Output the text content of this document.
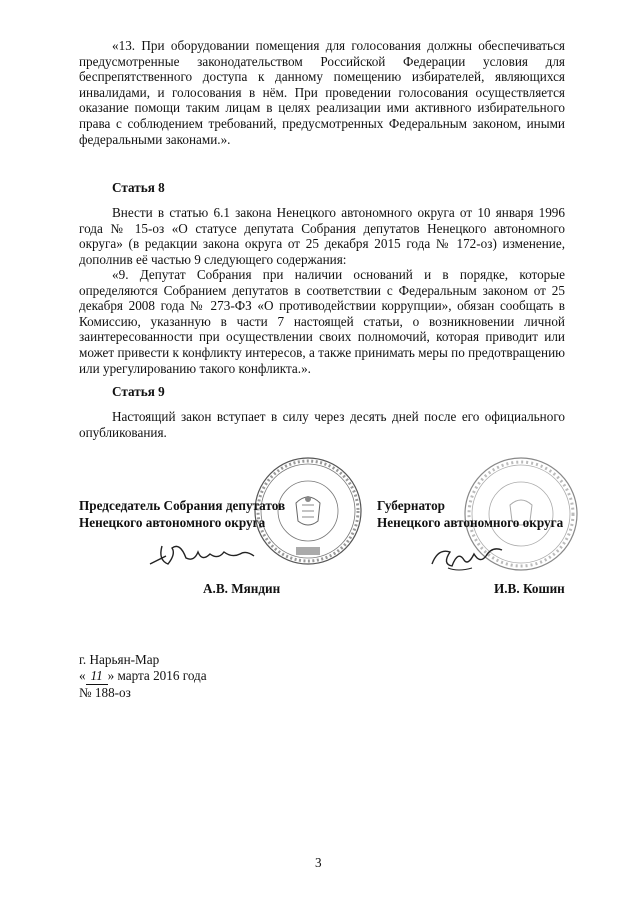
«13. При оборудовании помещения для голосования должны обеспечиваться предусмотренные законодательством Российской Федерации условия для беспрепятственного доступа к данному помещению избирателей, являющихся инвалидами, и голосования в нём. При проведении голосования осуществляется оказание помощи таким лицам в целях реализации ими активного избирательного права с соблюдением требований, предусмотренных Федеральным законом, иными федеральными законами.».

Статья 8

Внести в статью 6.1 закона Ненецкого автономного округа от 10 января 1996 года № 15-оз «О статусе депутата Собрания депутатов Ненецкого автономного округа» (в редакции закона округа от 25 декабря 2015 года № 172-оз) изменение, дополнив её частью 9 следующего содержания:

«9. Депутат Собрания при наличии оснований и в порядке, которые определяются Собранием депутатов в соответствии с Федеральным законом от 25 декабря 2008 года № 273-ФЗ «О противодействии коррупции», обязан сообщать в Комиссию, указанную в части 7 настоящей статьи, о возникновении личной заинтересованности при осуществлении своих полномочий, которая приводит или может привести к конфликту интересов, а также принимать меры по предотвращению или урегулированию такого конфликта.».

Статья 9

Настоящий закон вступает в силу через десять дней после его официального опубликования.

Председатель Собрания депутатов
Ненецкого автономного округа
Губернатор
Ненецкого автономного округа
А.В. Мяндин	И.В. Кошин
г. Нарьян-Мар
« 11 » марта 2016 года
№ 188-оз
3
